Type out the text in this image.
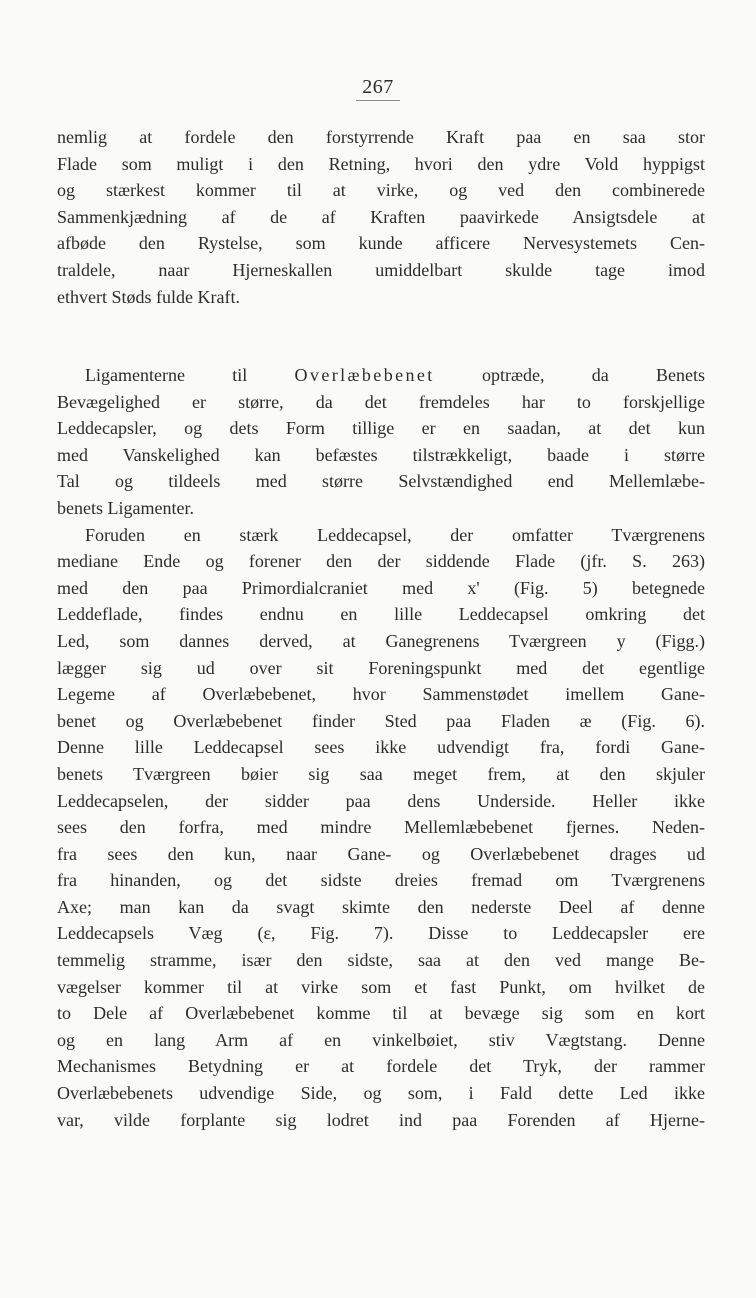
267
nemlig at fordele den forstyrrende Kraft paa en saa stor
Flade som muligt i den Retning, hvori den ydre Vold hyppigst
og stærkest kommer til at virke, og ved den combinerede
Sammenkjædning af de af Kraften paavirkede Ansigtsdele at
afbøde den Rystelse, som kunde afficere Nervesystemets Cen-
traldele, naar Hjerneskallen umiddelbart skulde tage imod
ethvert Støds fulde Kraft.
Ligamenterne til	Overlæbebenet	optræde, da Benets
Bevægelighed er større, da det fremdeles har to forskjellige
Leddecapsler, og dets Form tillige er en saadan, at det kun
med Vanskelighed kan befæstes tilstrækkeligt, baade i større
Tal og tildeels med større Selvstændighed end Mellemlæbe-
benets Ligamenter.
Foruden en stærk Leddecapsel, der omfatter Tværgrenens
mediane Ende og forener den der siddende Flade (jfr. S. 263)
med den paa Primordialcraniet med x' (Fig. 5) betegnede
Leddeflade, findes endnu en lille Leddecapsel omkring det
Led, som dannes derved, at Ganegrenens Tværgreen y (Figg.)
lægger sig ud over sit Foreningspunkt med det egentlige
Legeme af Overlæbebenet, hvor Sammenstødet imellem Gane-
benet og Overlæbebenet finder Sted paa Fladen æ (Fig. 6).
Denne lille Leddecapsel sees ikke udvendigt fra, fordi Gane-
benets Tværgreen bøier sig saa meget frem, at den skjuler
Leddecapselen, der sidder paa dens Underside. Heller ikke
sees den forfra, med mindre Mellemlæbebenet fjernes. Neden-
fra sees den kun, naar Gane- og Overlæbebenet drages ud
fra hinanden, og det sidste dreies fremad om Tværgrenens
Axe; man kan da svagt skimte den nederste Deel af denne
Leddecapsels Væg (ε, Fig. 7). Disse to Leddecapsler ere
temmelig stramme, især den sidste, saa at den ved mange Be-
vægelser kommer til at virke som et fast Punkt, om hvilket de
to Dele af Overlæbebenet komme til at bevæge sig som en kort
og en lang Arm af en vinkelbøiet, stiv Vægtstang. Denne
Mechanismes Betydning er at fordele det Tryk, der rammer
Overlæbebenets udvendige Side, og som, i Fald dette Led ikke
var, vilde forplante sig lodret ind paa Forenden af Hjerne-
